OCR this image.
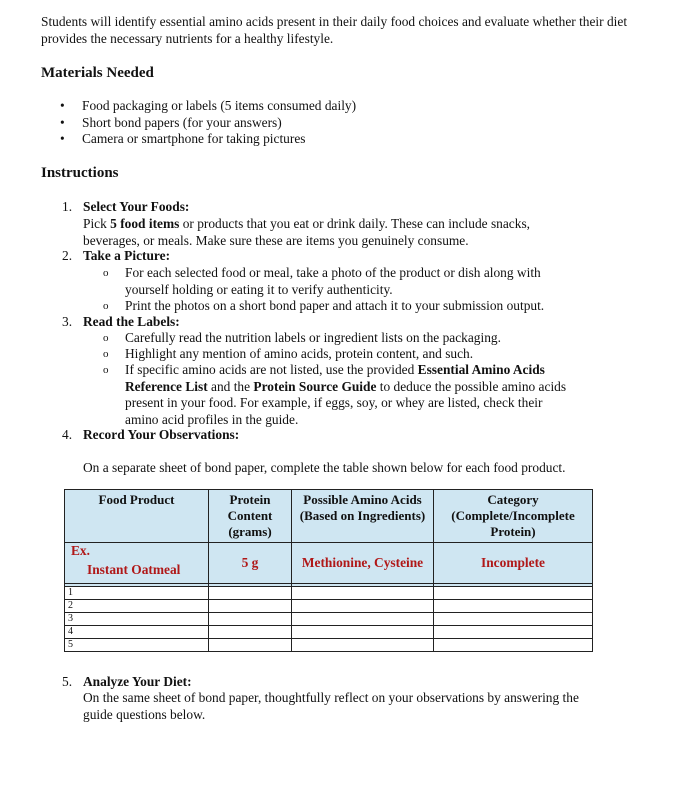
Students will identify essential amino acids present in their daily food choices and evaluate whether their diet provides the necessary nutrients for a healthy lifestyle.

Materials Needed
• Food packaging or labels (5 items consumed daily)
• Short bond papers (for your answers)
• Camera or smartphone for taking pictures
Instructions
1. Select Your Foods:
Pick 5 food items or products that you eat or drink daily. These can include snacks, beverages, or meals. Make sure these are items you genuinely consume.
2. Take a Picture:
o For each selected food or meal, take a photo of the product or dish along with yourself holding or eating it to verify authenticity.
o Print the photos on a short bond paper and attach it to your submission output.
3. Read the Labels:
o Carefully read the nutrition labels or ingredient lists on the packaging.
o Highlight any mention of amino acids, protein content, and such.
o If specific amino acids are not listed, use the provided Essential Amino Acids Reference List and the Protein Source Guide to deduce the possible amino acids present in your food. For example, if eggs, soy, or whey are listed, check their amino acid profiles in the guide.
4. Record Your Observations:
On a separate sheet of bond paper, complete the table shown below for each food product.
Food Product	Protein Content (grams)	Possible Amino Acids (Based on Ingredients)	Category (Complete/Incomplete Protein)

Ex.
Instant Oatmeal	5 g	Methionine, Cysteine	Incomplete

1			
2			
3			
4			
5			
5. Analyze Your Diet:
On the same sheet of bond paper, thoughtfully reflect on your observations by answering the guide questions below.
